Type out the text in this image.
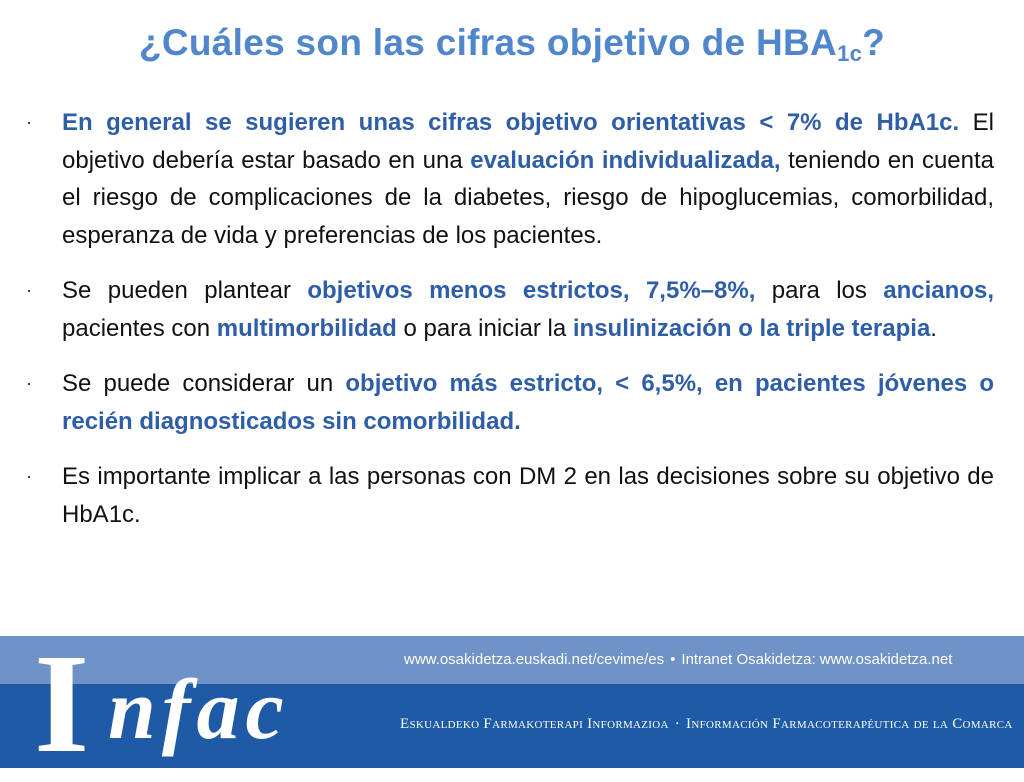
¿Cuáles son las cifras objetivo de $HBA_{1c}$?
· En general se sugieren unas cifras objetivo orientativas < 7% de HbA1c. El objetivo debería estar basado en una evaluación individualizada, teniendo en cuenta el riesgo de complicaciones de la diabetes, riesgo de hipoglucemias, comorbilidad, esperanza de vida y preferencias de los pacientes.
· Se pueden plantear objetivos menos estrictos, 7,5%–8%, para los ancianos, pacientes con multimorbilidad o para iniciar la insulinización o la triple terapia.
· Se puede considerar un objetivo más estricto, < 6,5%, en pacientes jóvenes o recién diagnosticados sin comorbilidad.
· Es importante implicar a las personas con DM 2 en las decisiones sobre su objetivo de HbA1c.
I nfac
www.osakidetza.euskadi.net/cevime/es • Intranet Osakidetza: www.osakidetza.net
Eskualdeko Farmakoterapi Informazioa · Información Farmacoterapéutica de la Comarca
